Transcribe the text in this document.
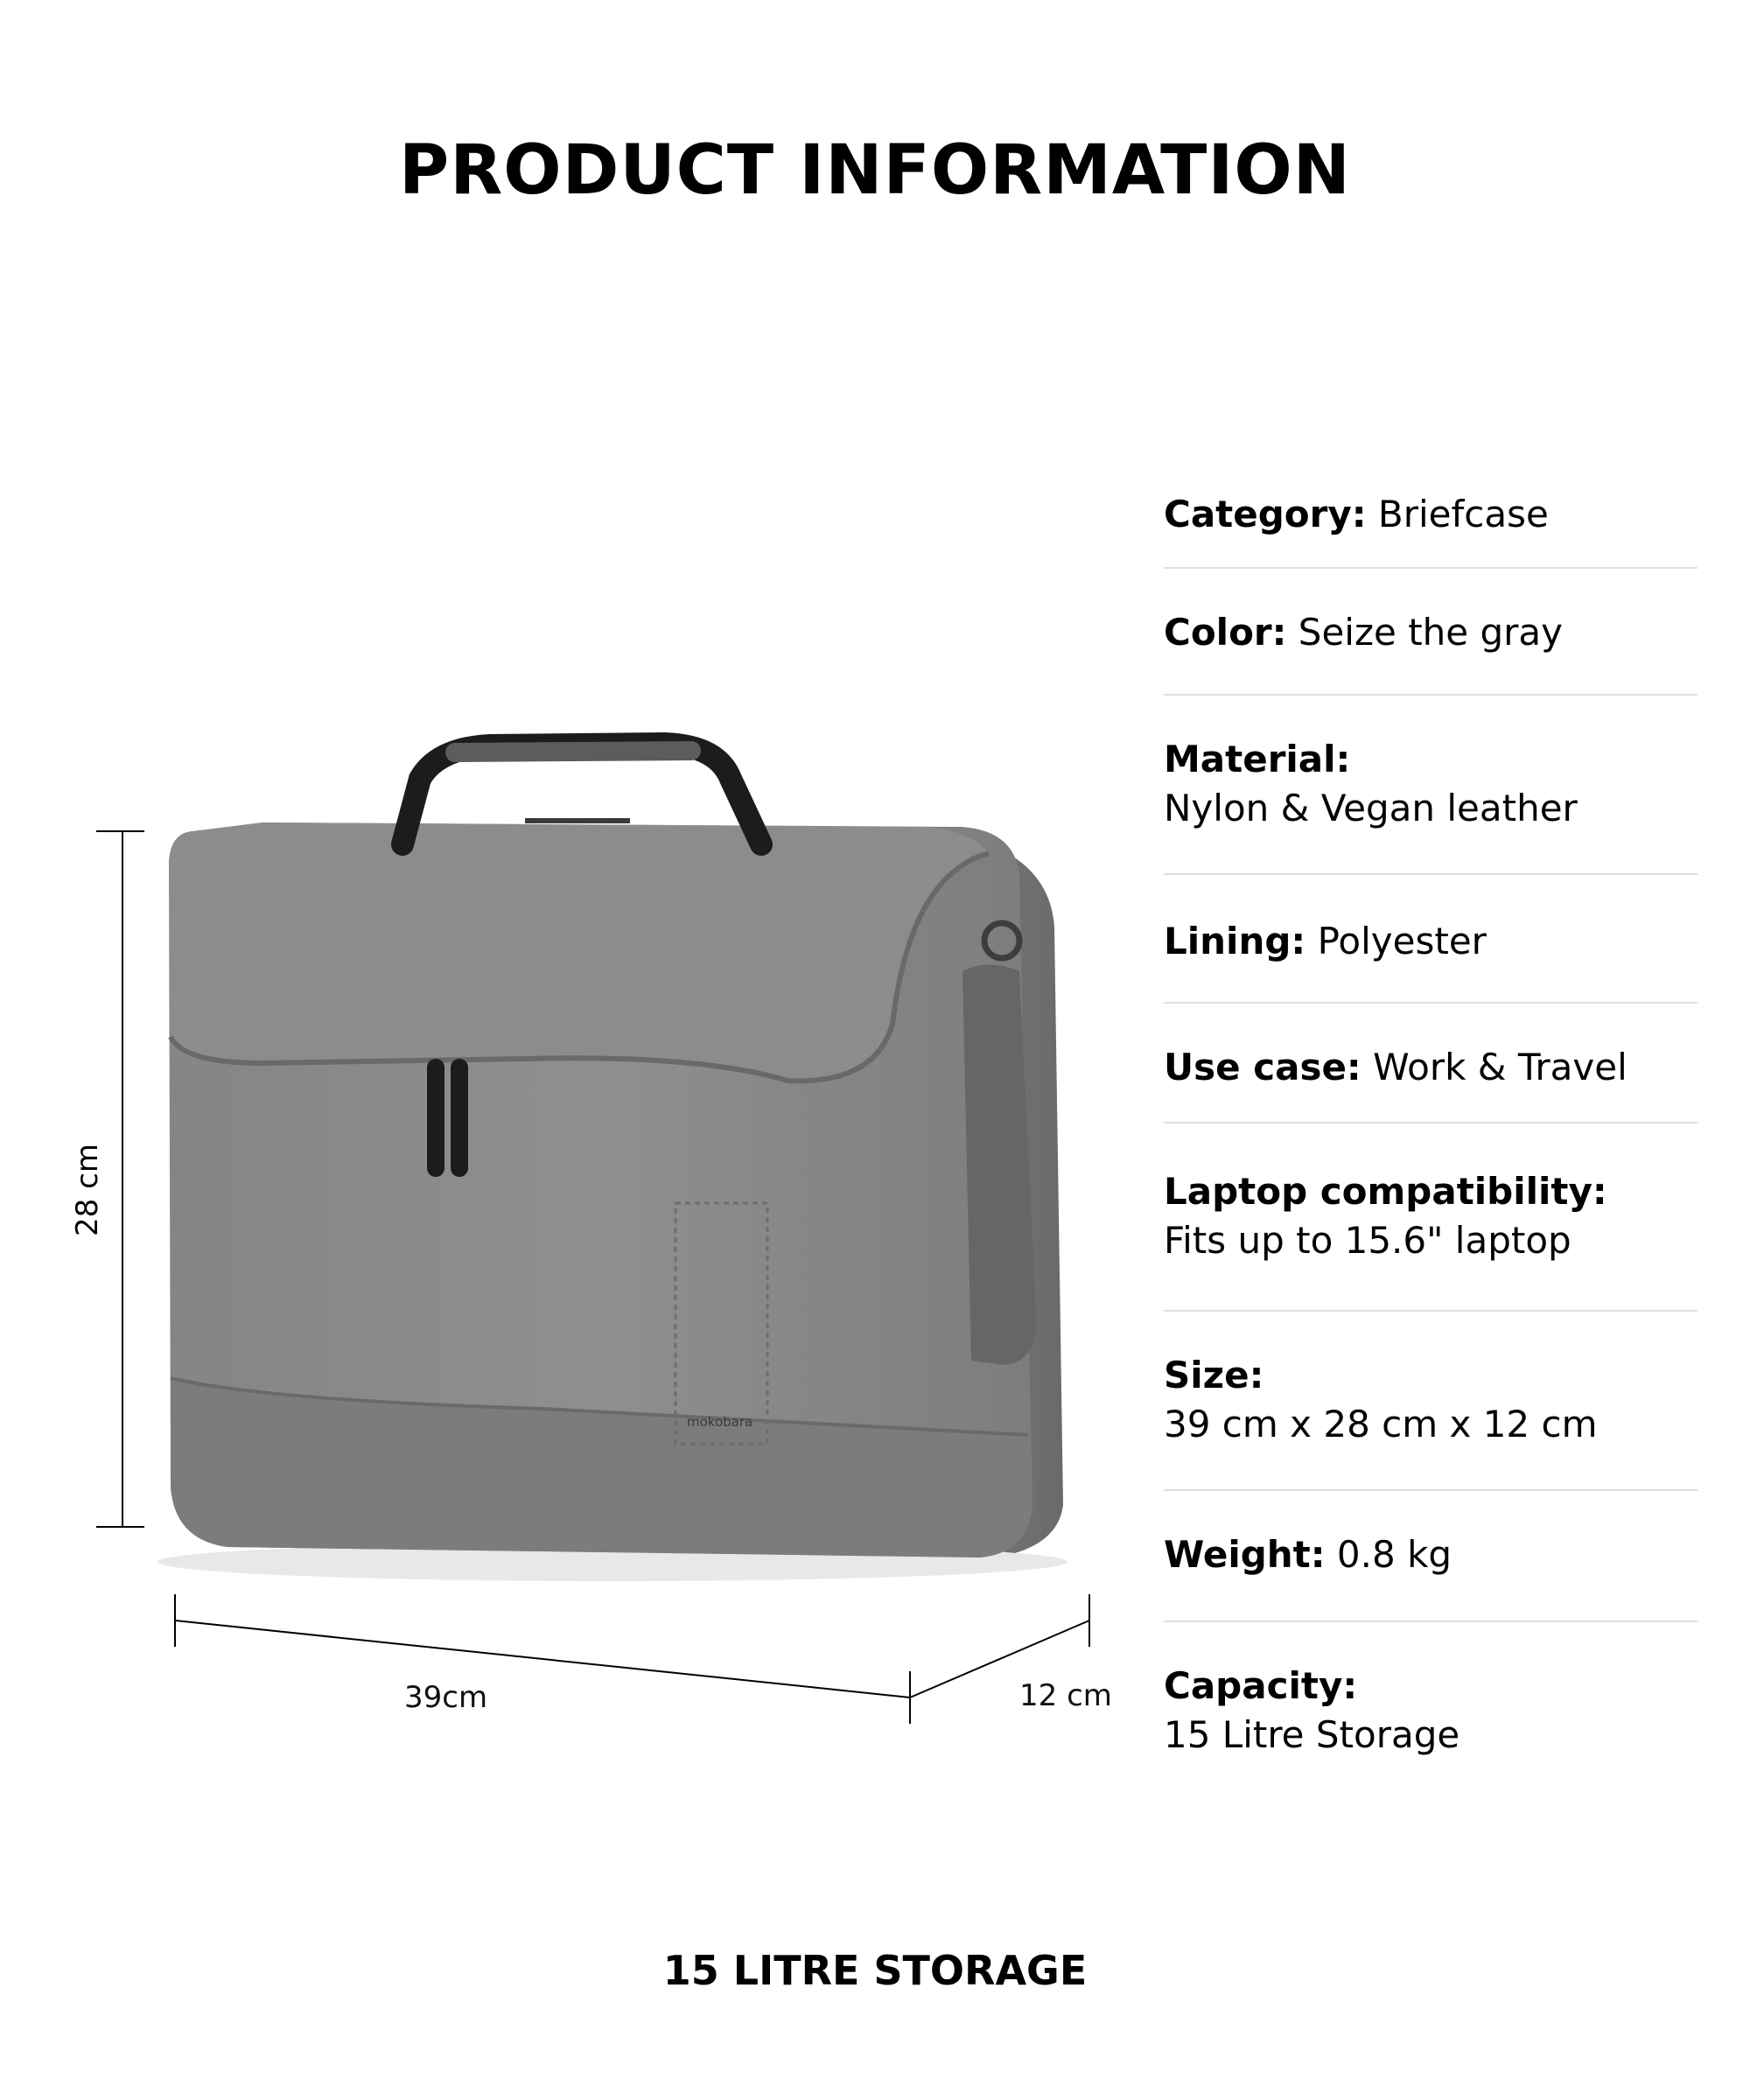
PRODUCT INFORMATION
mokobara
28 cm
39cm	12 cm

Category: Briefcase

Color: Seize the gray

Material:

Nylon & Vegan leather

Lining: Polyester

Use case: Work & Travel

Laptop compatibility:

Fits up to 15.6" laptop

Size:

39 cm x 28 cm x 12 cm

Weight: 0.8 kg

Capacity:

15 Litre Storage

15 LITRE STORAGE
